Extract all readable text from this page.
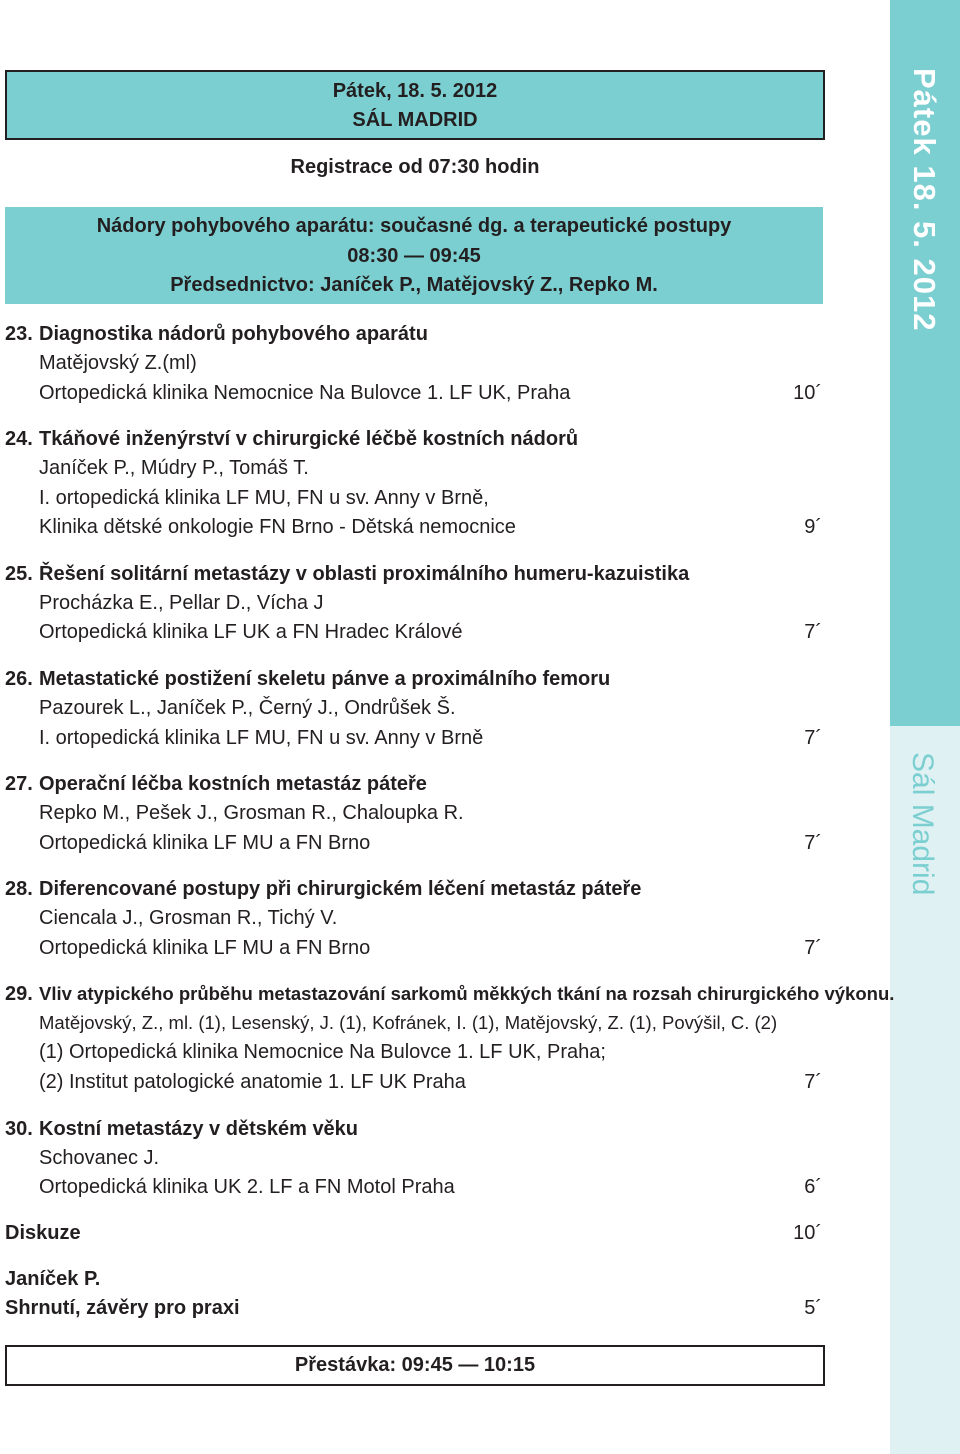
Pátek 18. 5. 2012
Sál Madrid
Pátek, 18. 5. 2012
SÁL MADRID
Registrace od 07:30 hodin
Nádory pohybového aparátu: současné dg. a terapeutické postupy
08:30 — 09:45
Předsednictvo: Janíček P., Matějovský Z., Repko M.
23. Diagnostika nádorů pohybového aparátu
Matějovský Z.(ml)
Ortopedická klinika Nemocnice Na Bulovce 1. LF UK, Praha	10´
24. Tkáňové inženýrství v chirurgické léčbě kostních nádorů
Janíček P., Múdry P., Tomáš T.
I. ortopedická klinika LF MU, FN u sv. Anny v Brně,
Klinika dětské onkologie FN Brno - Dětská nemocnice	9´
25. Řešení solitární metastázy v oblasti proximálního humeru-kazuistika
Procházka E., Pellar D., Vícha J
Ortopedická klinika LF UK a FN Hradec Králové	7´
26. Metastatické postižení skeletu pánve a proximálního femoru
Pazourek L., Janíček P., Černý J., Ondrůšek Š.
I. ortopedická klinika LF MU, FN u sv. Anny v Brně	7´
27. Operační léčba kostních metastáz páteře
Repko M., Pešek J., Grosman R., Chaloupka R.
Ortopedická klinika LF MU a FN Brno	7´
28. Diferencované postupy při chirurgickém léčení metastáz páteře
Ciencala J., Grosman R., Tichý V.
Ortopedická klinika LF MU a FN Brno	7´
29. Vliv atypického průběhu metastazování sarkomů měkkých tkání na rozsah chirurgického výkonu.
Matějovský, Z., ml. (1), Lesenský, J. (1), Kofránek, I. (1), Matějovský, Z. (1), Povýšil, C. (2)
(1) Ortopedická klinika Nemocnice Na Bulovce 1. LF UK, Praha;
(2) Institut patologické anatomie 1. LF UK Praha	7´
30. Kostní metastázy v dětském věku
Schovanec J.
Ortopedická klinika UK 2. LF a FN Motol Praha	6´
Diskuze	10´
Janíček P.
Shrnutí, závěry pro praxi	5´
Přestávka: 09:45 — 10:15
